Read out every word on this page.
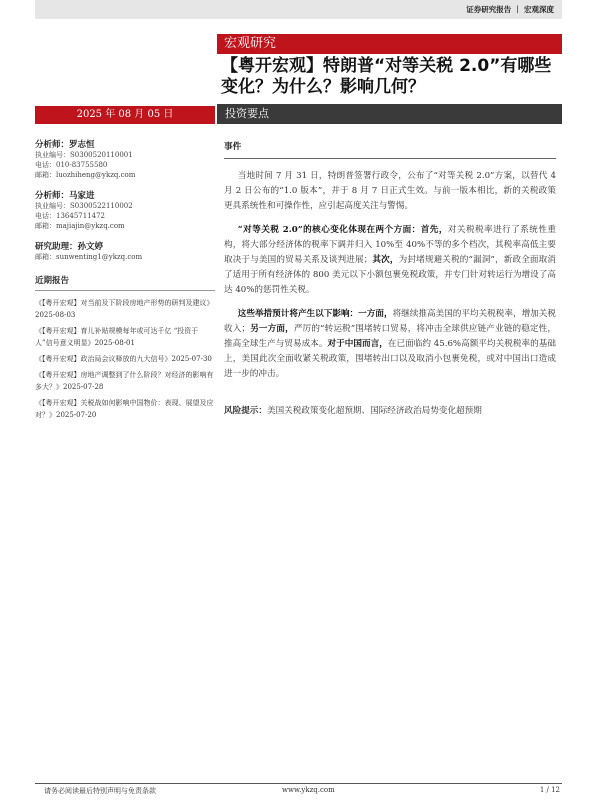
证券研究报告 ｜ 宏观深度
宏观研究
【粤开宏观】特朗普“对等关税 2.0”有哪些变化？为什么？影响几何？
2025 年 08 月 05 日	投资要点
分析师：罗志恒
执业编号：S0300520110001
电话：010-83755580
邮箱：luozhiheng@ykzq.com
分析师：马家进
执业编号：S0300522110002
电话：13645711472
邮箱：majiajin@ykzq.com
研究助理：孙文婷
邮箱：sunwenting1@ykzq.com
近期报告
《【粤开宏观】对当前及下阶段房地产形势的研判及建议》2025-08-03
《【粤开宏观】育儿补贴规模每年或可达千亿 “投资于人”信号意义明显》2025-08-01
《【粤开宏观】政治局会议释放的九大信号》2025-07-30
《【粤开宏观】房地产调整到了什么阶段？对经济的影响有多大？》2025-07-28
《【粤开宏观】关税战如何影响中国物价：表现、展望及应对？》2025-07-20
事件

当地时间 7 月 31 日，特朗普签署行政令，公布了“对等关税 2.0”方案，以替代 4 月 2 日公布的“1.0 版本”，并于 8 月 7 日正式生效。与前一版本相比，新的关税政策更具系统性和可操作性，应引起高度关注与警惕。

“对等关税 2.0”的核心变化体现在两个方面：首先，对关税税率进行了系统性重构，将大部分经济体的税率下调并归入 10%至 40%不等的多个档次，其税率高低主要取决于与美国的贸易关系及谈判进展；其次，为封堵规避关税的“漏洞”，新政全面取消了适用于所有经济体的 800 美元以下小额包裹免税政策，并专门针对转运行为增设了高达 40%的惩罚性关税。

这些举措预计将产生以下影响：一方面，将继续推高美国的平均关税税率，增加关税收入；另一方面，严厉的“转运税”围堵转口贸易，将冲击全球供应链产业链的稳定性，推高全球生产与贸易成本。对于中国而言，在已面临约 45.6%高额平均关税税率的基础上，美国此次全面收紧关税政策，围堵转出口以及取消小包裹免税，或对中国出口造成进一步的冲击。

风险提示：美国关税政策变化超预期、国际经济政治局势变化超预期

请务必阅读最后特别声明与免责条款	www.ykzq.com	1 / 12
